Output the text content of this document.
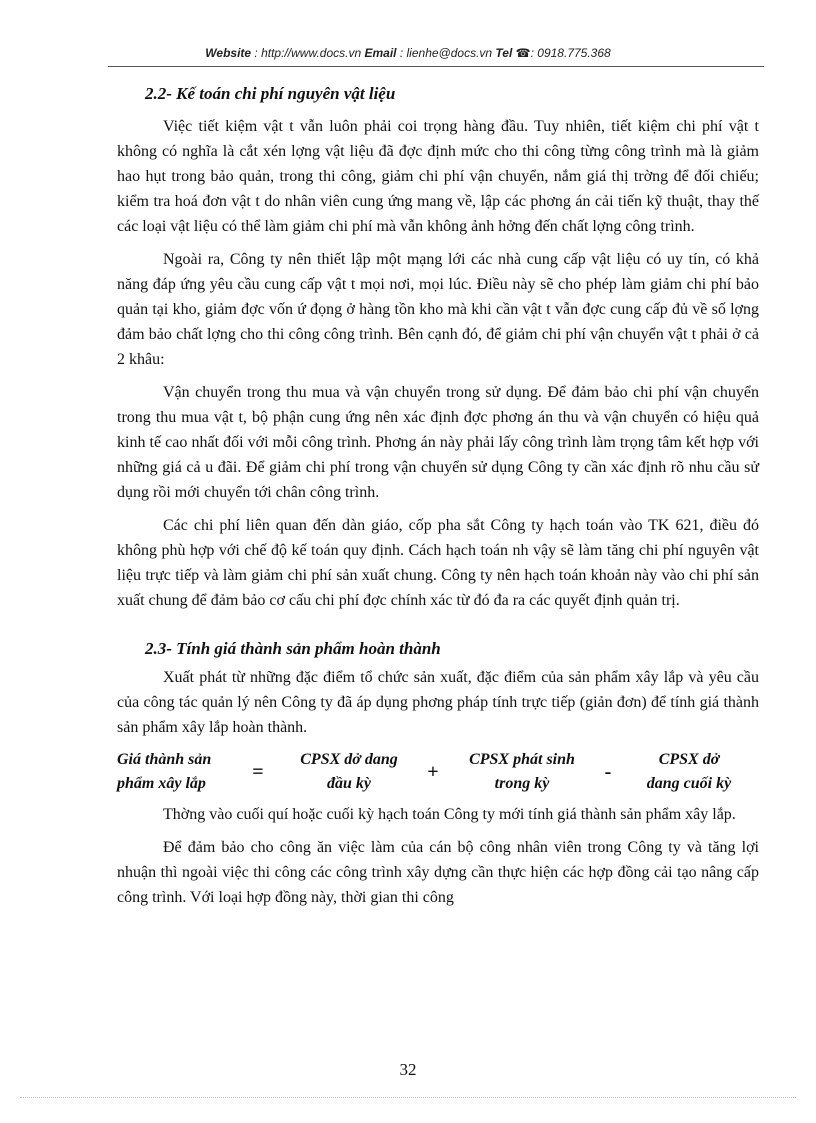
Website : http://www.docs.vn Email : lienhe@docs.vn Tel ☎: 0918.775.368
2.2- Kế toán chi phí nguyên vật liệu

Việc tiết kiệm vật t vẫn luôn phải coi trọng hàng đầu. Tuy nhiên, tiết kiệm chi phí vật t không có nghĩa là cắt xén lợng vật liệu đã đợc định mức cho thi công từng công trình mà là giảm hao hụt trong bảo quản, trong thi công, giảm chi phí vận chuyển, nắm giá thị trờng để đối chiếu; kiểm tra hoá đơn vật t do nhân viên cung ứng mang về, lập các phơng án cải tiến kỹ thuật, thay thế các loại vật liệu có thể làm giảm chi phí mà vẫn không ảnh hởng đến chất lợng công trình.

Ngoài ra, Công ty nên thiết lập một mạng lới các nhà cung cấp vật liệu có uy tín, có khả năng đáp ứng yêu cầu cung cấp vật t mọi nơi, mọi lúc. Điều này sẽ cho phép làm giảm chi phí bảo quản tại kho, giảm đợc vốn ứ đọng ở hàng tồn kho mà khi cần vật t vẫn đợc cung cấp đủ về số lợng đảm bảo chất lợng cho thi công công trình. Bên cạnh đó, để giảm chi phí vận chuyển vật t phải ở cả 2 khâu:

Vận chuyển trong thu mua và vận chuyển trong sử dụng. Để đảm bảo chi phí vận chuyển trong thu mua vật t, bộ phận cung ứng nên xác định đợc phơng án thu và vận chuyển có hiệu quả kinh tế cao nhất đối với mỗi công trình. Phơng án này phải lấy công trình làm trọng tâm kết hợp với những giá cả u đãi. Để giảm chi phí trong vận chuyển sử dụng Công ty cần xác định rõ nhu cầu sử dụng rồi mới chuyển tới chân công trình.

Các chi phí liên quan đến dàn giáo, cốp pha sắt Công ty hạch toán vào TK 621, điều đó không phù hợp với chế độ kế toán quy định. Cách hạch toán nh vậy sẽ làm tăng chi phí nguyên vật liệu trực tiếp và làm giảm chi phí sản xuất chung. Công ty nên hạch toán khoản này vào chi phí sản xuất chung để đảm bảo cơ cấu chi phí đợc chính xác từ đó đa ra các quyết định quản trị.

2.3- Tính giá thành sản phẩm hoàn thành

Xuất phát từ những đặc điểm tổ chức sản xuất, đặc điểm của sản phẩm xây lắp và yêu cầu của công tác quản lý nên Công ty đã áp dụng phơng pháp tính trực tiếp (giản đơn) để tính giá thành sản phẩm xây lắp hoàn thành.

Giá thành sản
phẩm xây lắp
=
CPSX dở dang
đầu kỳ
+
CPSX phát sinh
trong kỳ
-
CPSX dở
dang cuối kỳ

Thờng vào cuối quí hoặc cuối kỳ hạch toán Công ty mới tính giá thành sản phẩm xây lắp.

Để đảm bảo cho công ăn việc làm của cán bộ công nhân viên trong Công ty và tăng lợi nhuận thì ngoài việc thi công các công trình xây dựng cần thực hiện các hợp đồng cải tạo nâng cấp công trình. Với loại hợp đồng này, thời gian thi công

32
